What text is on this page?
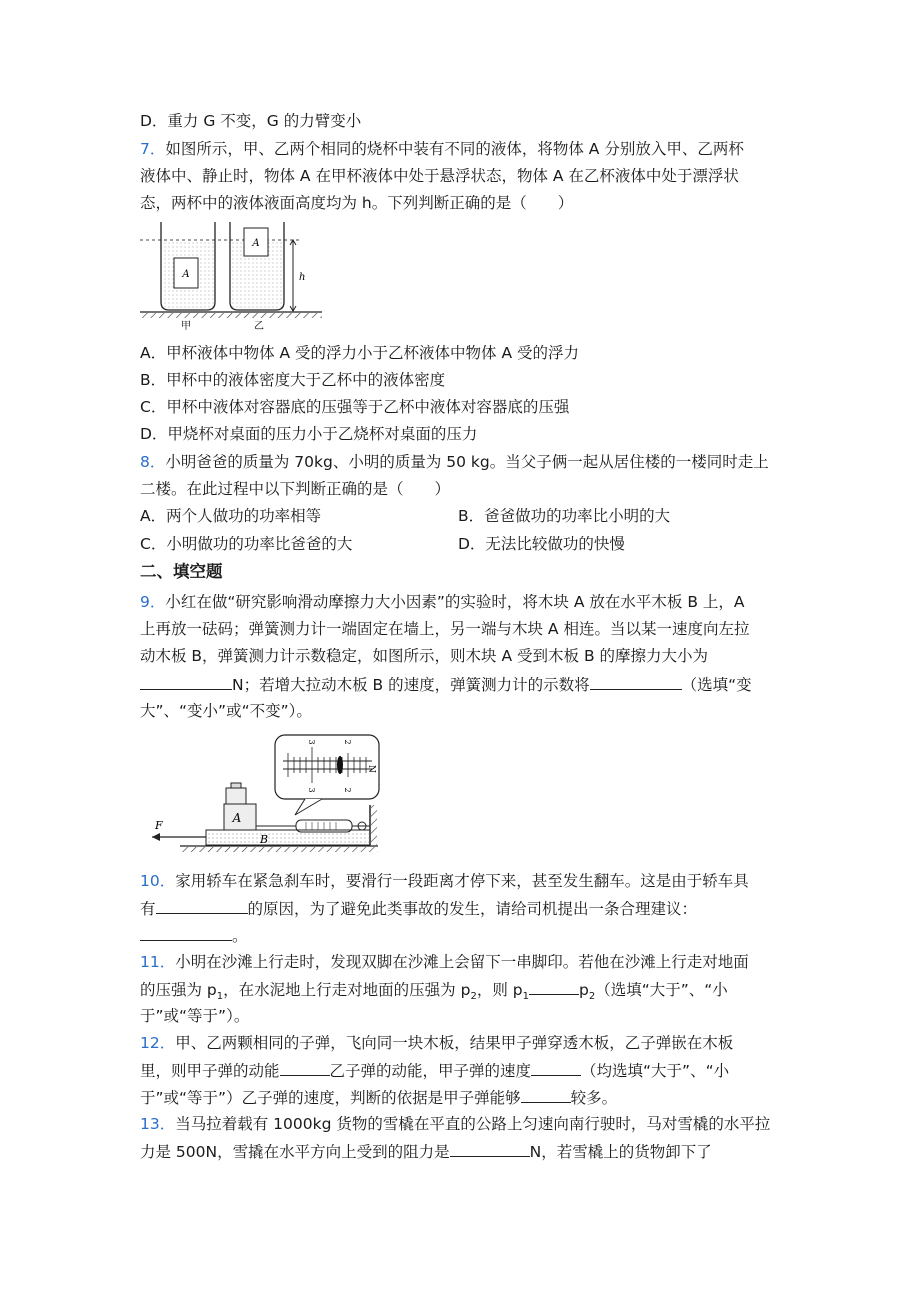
D．重力 G 不变，G 的力臂变小
7．如图所示，甲、乙两个相同的烧杯中装有不同的液体，将物体 A 分别放入甲、乙两杯
液体中、静止时，物体 A 在甲杯液体中处于悬浮状态，物体 A 在乙杯液体中处于漂浮状
态，两杯中的液体液面高度均为 h。下列判断正确的是（　　）
A
A
h
甲	乙
A．甲杯液体中物体 A 受的浮力小于乙杯液体中物体 A 受的浮力
B．甲杯中的液体密度大于乙杯中的液体密度
C．甲杯中液体对容器底的压强等于乙杯中液体对容器底的压强
D．甲烧杯对桌面的压力小于乙烧杯对桌面的压力
8．小明爸爸的质量为 70kg、小明的质量为 50 kg。当父子俩一起从居住楼的一楼同时走上
二楼。在此过程中以下判断正确的是（　　）
A．两个人做功的功率相等	B．爸爸做功的功率比小明的大
C．小明做功的功率比爸爸的大	D．无法比较做功的快慢
二、填空题
9．小红在做“研究影响滑动摩擦力大小因素”的实验时，将木块 A 放在水平木板 B 上，A
上再放一砝码；弹簧测力计一端固定在墙上，另一端与木块 A 相连。当以某一速度向左拉
动木板 B，弹簧测力计示数稳定，如图所示，则木块 A 受到木板 B 的摩擦力大小为
N；若增大拉动木板 B 的速度，弹簧测力计的示数将	（选填“变
大”、“变小”或“不变”）。
3	2
3	2
N
A
B
F
10．家用轿车在紧急刹车时，要滑行一段距离才停下来，甚至发生翻车。这是由于轿车具
有	的原因，为了避免此类事故的发生，请给司机提出一条合理建议：
。
11．小明在沙滩上行走时，发现双脚在沙滩上会留下一串脚印。若他在沙滩上行走对地面
的压强为 $p_1$，在水泥地上行走对地面的压强为 $p_2$，则 $p_1$	$p_2$（选填“大于”、“小
于”或“等于”）。
12．甲、乙两颗相同的子弹，飞向同一块木板，结果甲子弹穿透木板，乙子弹嵌在木板
里，则甲子弹的动能	乙子弹的动能，甲子弹的速度	（均选填“大于”、“小
于”或“等于”）乙子弹的速度，判断的依据是甲子弹能够	较多。
13．当马拉着载有 1000kg 货物的雪橇在平直的公路上匀速向南行驶时，马对雪橇的水平拉
力是 500N，雪撬在水平方向上受到的阻力是	N，若雪橇上的货物卸下了
